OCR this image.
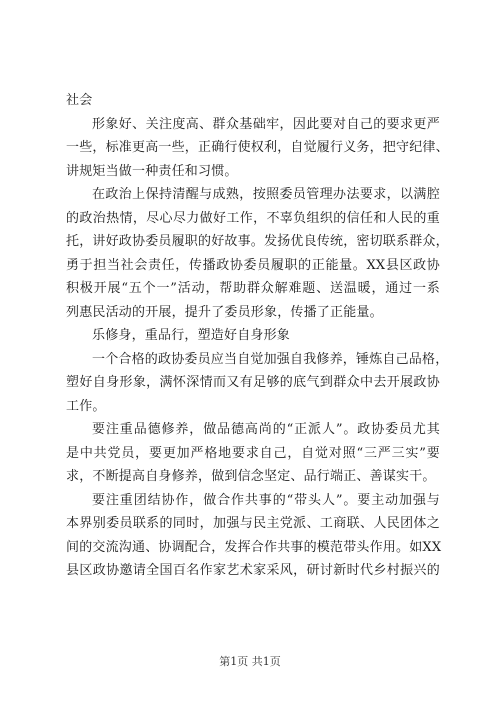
社会
形象好、关注度高、群众基础牢，因此要对自己的要求更严
一些，标准更高一些，正确行使权利，自觉履行义务，把守纪律、
讲规矩当做一种责任和习惯。
在政治上保持清醒与成熟，按照委员管理办法要求，以满腔
的政治热情，尽心尽力做好工作，不辜负组织的信任和人民的重
托，讲好政协委员履职的好故事。发扬优良传统，密切联系群众，
勇于担当社会责任，传播政协委员履职的正能量。XX县区政协
积极开展“五个一”活动，帮助群众解难题、送温暖，通过一系
列惠民活动的开展，提升了委员形象，传播了正能量。
乐修身，重品行，塑造好自身形象
一个合格的政协委员应当自觉加强自我修养，锤炼自己品格，
塑好自身形象，满怀深情而又有足够的底气到群众中去开展政协
工作。
要注重品德修养，做品德高尚的“正派人”。政协委员尤其
是中共党员，要更加严格地要求自己，自觉对照“三严三实”要
求，不断提高自身修养，做到信念坚定、品行端正、善谋实干。
要注重团结协作，做合作共事的“带头人”。要主动加强与
本界别委员联系的同时，加强与民主党派、工商联、人民团体之
间的交流沟通、协调配合，发挥合作共事的模范带头作用。如XX
县区政协邀请全国百名作家艺术家采风，研讨新时代乡村振兴的
第1页 共1页
